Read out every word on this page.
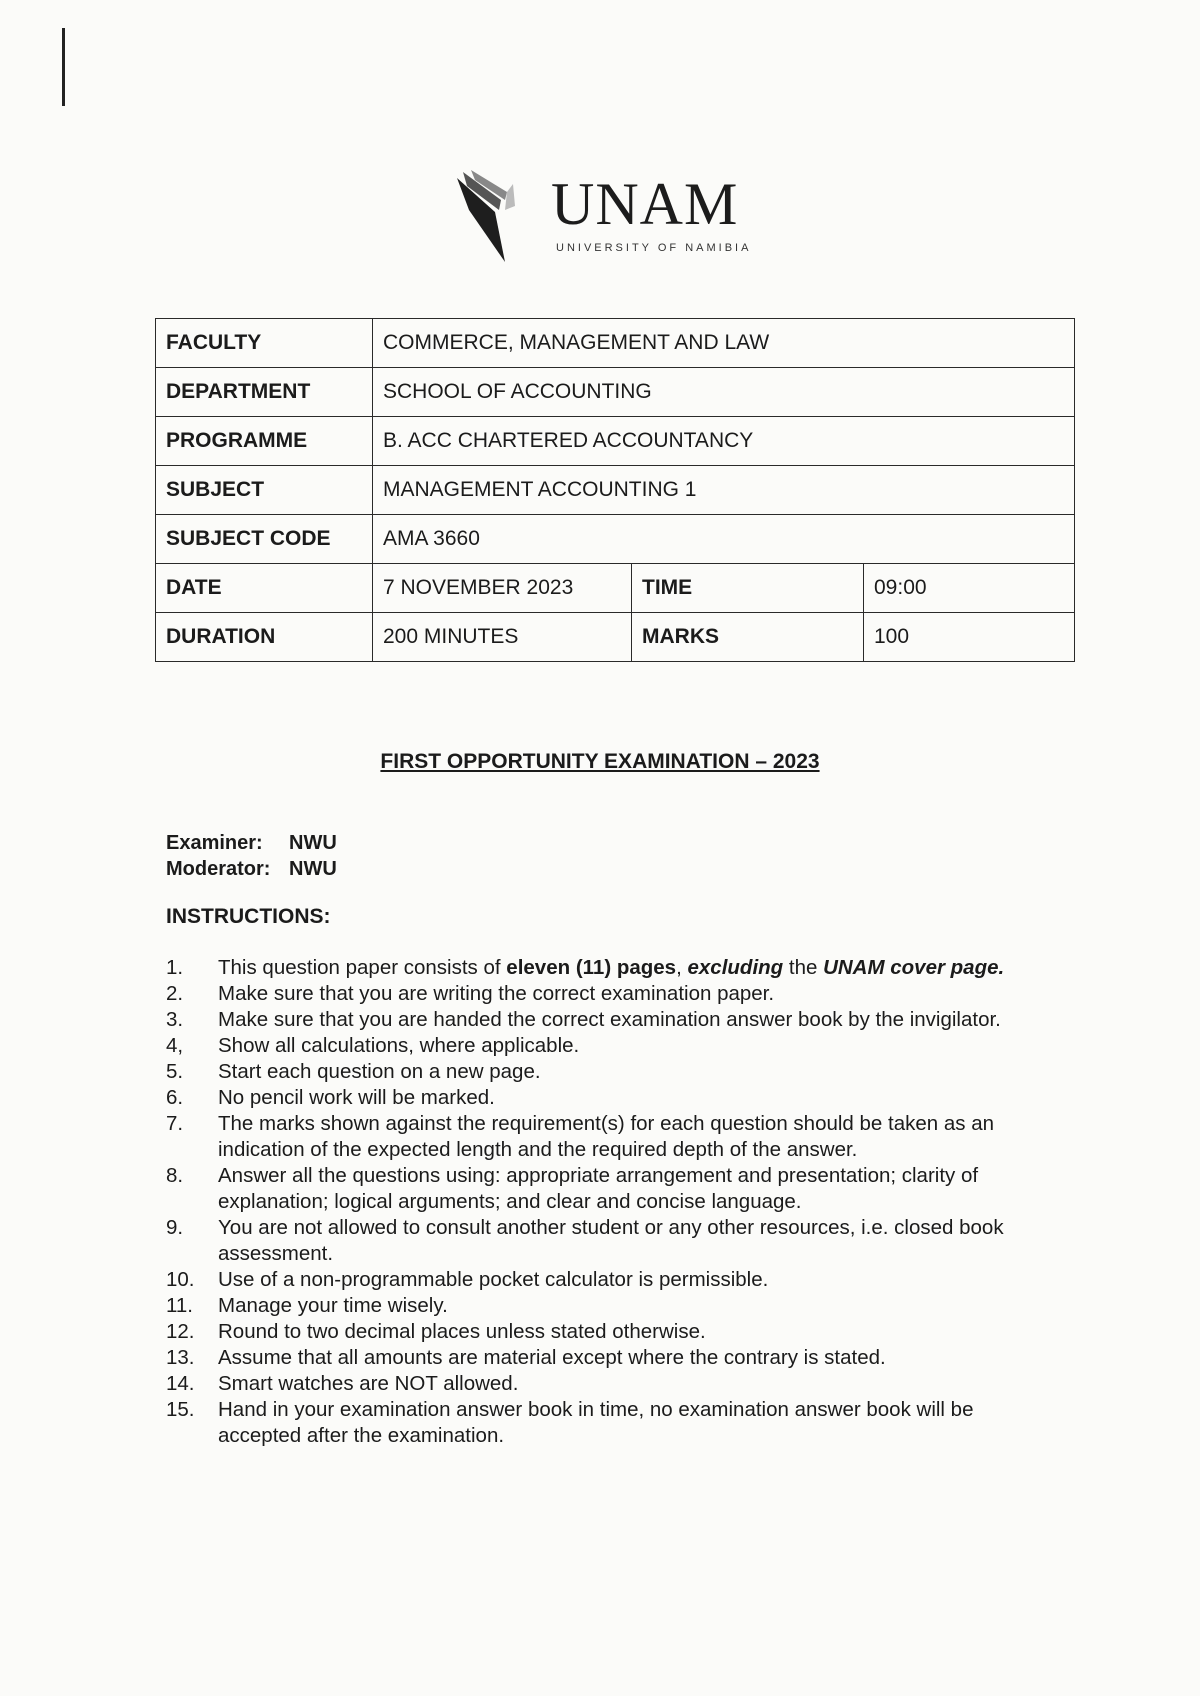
UNAM
UNIVERSITY OF NAMIBIA
FACULTY	COMMERCE, MANAGEMENT AND LAW		
DEPARTMENT	SCHOOL OF ACCOUNTING		
PROGRAMME	B. ACC CHARTERED ACCOUNTANCY		
SUBJECT	MANAGEMENT ACCOUNTING 1		
SUBJECT CODE	AMA 3660		
DATE	7 NOVEMBER 2023	TIME	09:00
DURATION	200 MINUTES	MARKS	100
FIRST OPPORTUNITY EXAMINATION – 2023
Examiner: NWU
Moderator: NWU
INSTRUCTIONS:
1.	This question paper consists of eleven (11) pages, excluding the UNAM cover page.
2.	Make sure that you are writing the correct examination paper.
3.	Make sure that you are handed the correct examination answer book by the invigilator.
4,	Show all calculations, where applicable.
5.	Start each question on a new page.
6.	No pencil work will be marked.
7.	The marks shown against the requirement(s) for each question should be taken as an indication of the expected length and the required depth of the answer.
8.	Answer all the questions using: appropriate arrangement and presentation; clarity of explanation; logical arguments; and clear and concise language.
9.	You are not allowed to consult another student or any other resources, i.e. closed book assessment.
10.	Use of a non-programmable pocket calculator is permissible.
11.	Manage your time wisely.
12.	Round to two decimal places unless stated otherwise.
13.	Assume that all amounts are material except where the contrary is stated.
14.	Smart watches are NOT allowed.
15.	Hand in your examination answer book in time, no examination answer book will be accepted after the examination.
